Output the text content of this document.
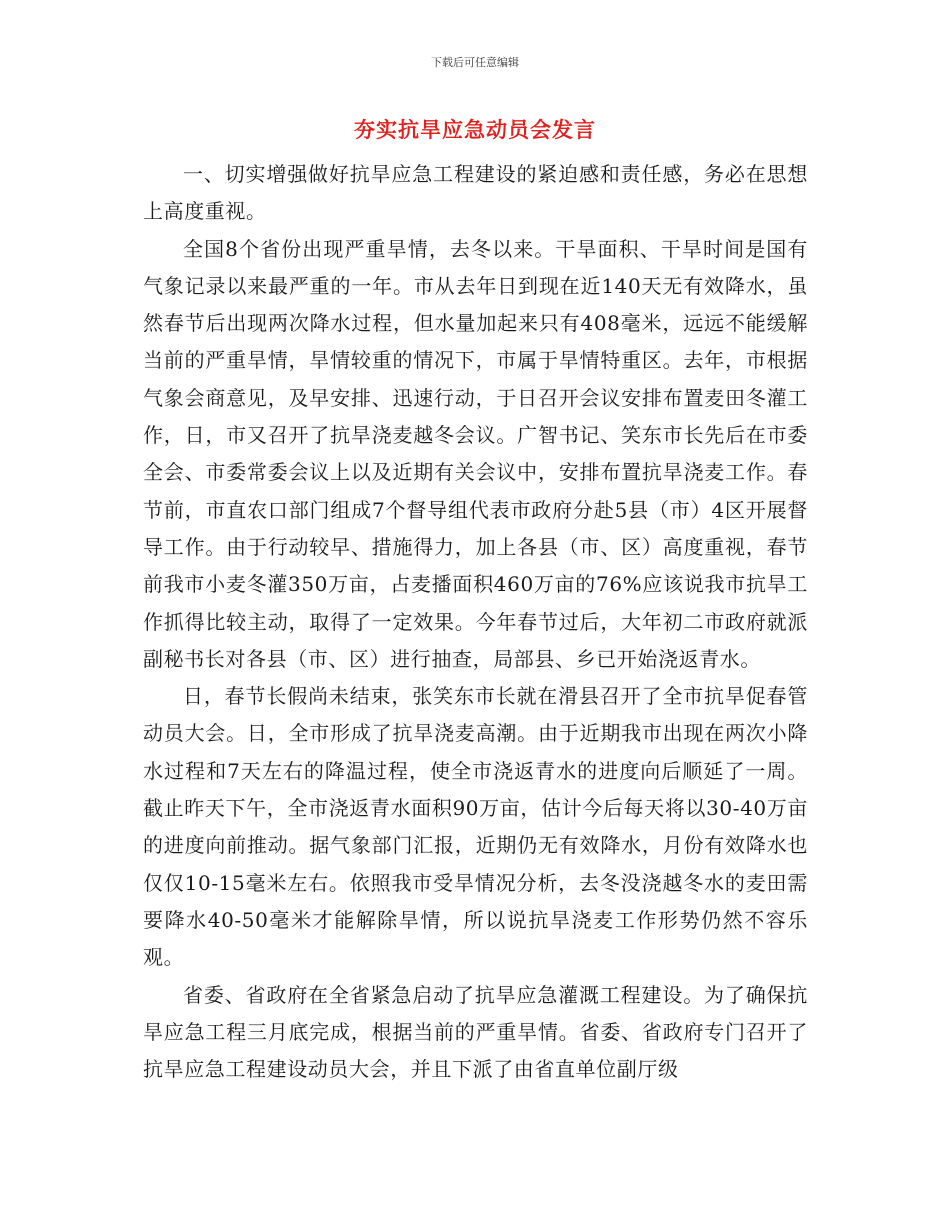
下载后可任意编辑
夯实抗旱应急动员会发言

一、切实增强做好抗旱应急工程建设的紧迫感和责任感，务必在思想上高度重视。

全国8个省份出现严重旱情，去冬以来。干旱面积、干旱时间是国有气象记录以来最严重的一年。市从去年日到现在近140天无有效降水，虽然春节后出现两次降水过程，但水量加起来只有408毫米，远远不能缓解当前的严重旱情，旱情较重的情况下，市属于旱情特重区。去年，市根据气象会商意见，及早安排、迅速行动，于日召开会议安排布置麦田冬灌工作，日，市又召开了抗旱浇麦越冬会议。广智书记、笑东市长先后在市委全会、市委常委会议上以及近期有关会议中，安排布置抗旱浇麦工作。春节前，市直农口部门组成7个督导组代表市政府分赴5县（市）4区开展督导工作。由于行动较早、措施得力，加上各县（市、区）高度重视，春节前我市小麦冬灌350万亩，占麦播面积460万亩的76%应该说我市抗旱工作抓得比较主动，取得了一定效果。今年春节过后，大年初二市政府就派副秘书长对各县（市、区）进行抽查，局部县、乡已开始浇返青水。

日，春节长假尚未结束，张笑东市长就在滑县召开了全市抗旱促春管动员大会。日，全市形成了抗旱浇麦高潮。由于近期我市出现在两次小降水过程和7天左右的降温过程，使全市浇返青水的进度向后顺延了一周。截止昨天下午，全市浇返青水面积90万亩，估计今后每天将以30-40万亩的进度向前推动。据气象部门汇报，近期仍无有效降水，月份有效降水也仅仅10-15毫米左右。依照我市受旱情况分析，去冬没浇越冬水的麦田需要降水40-50毫米才能解除旱情，所以说抗旱浇麦工作形势仍然不容乐观。

省委、省政府在全省紧急启动了抗旱应急灌溉工程建设。为了确保抗旱应急工程三月底完成，根据当前的严重旱情。省委、省政府专门召开了抗旱应急工程建设动员大会，并且下派了由省直单位副厅级
